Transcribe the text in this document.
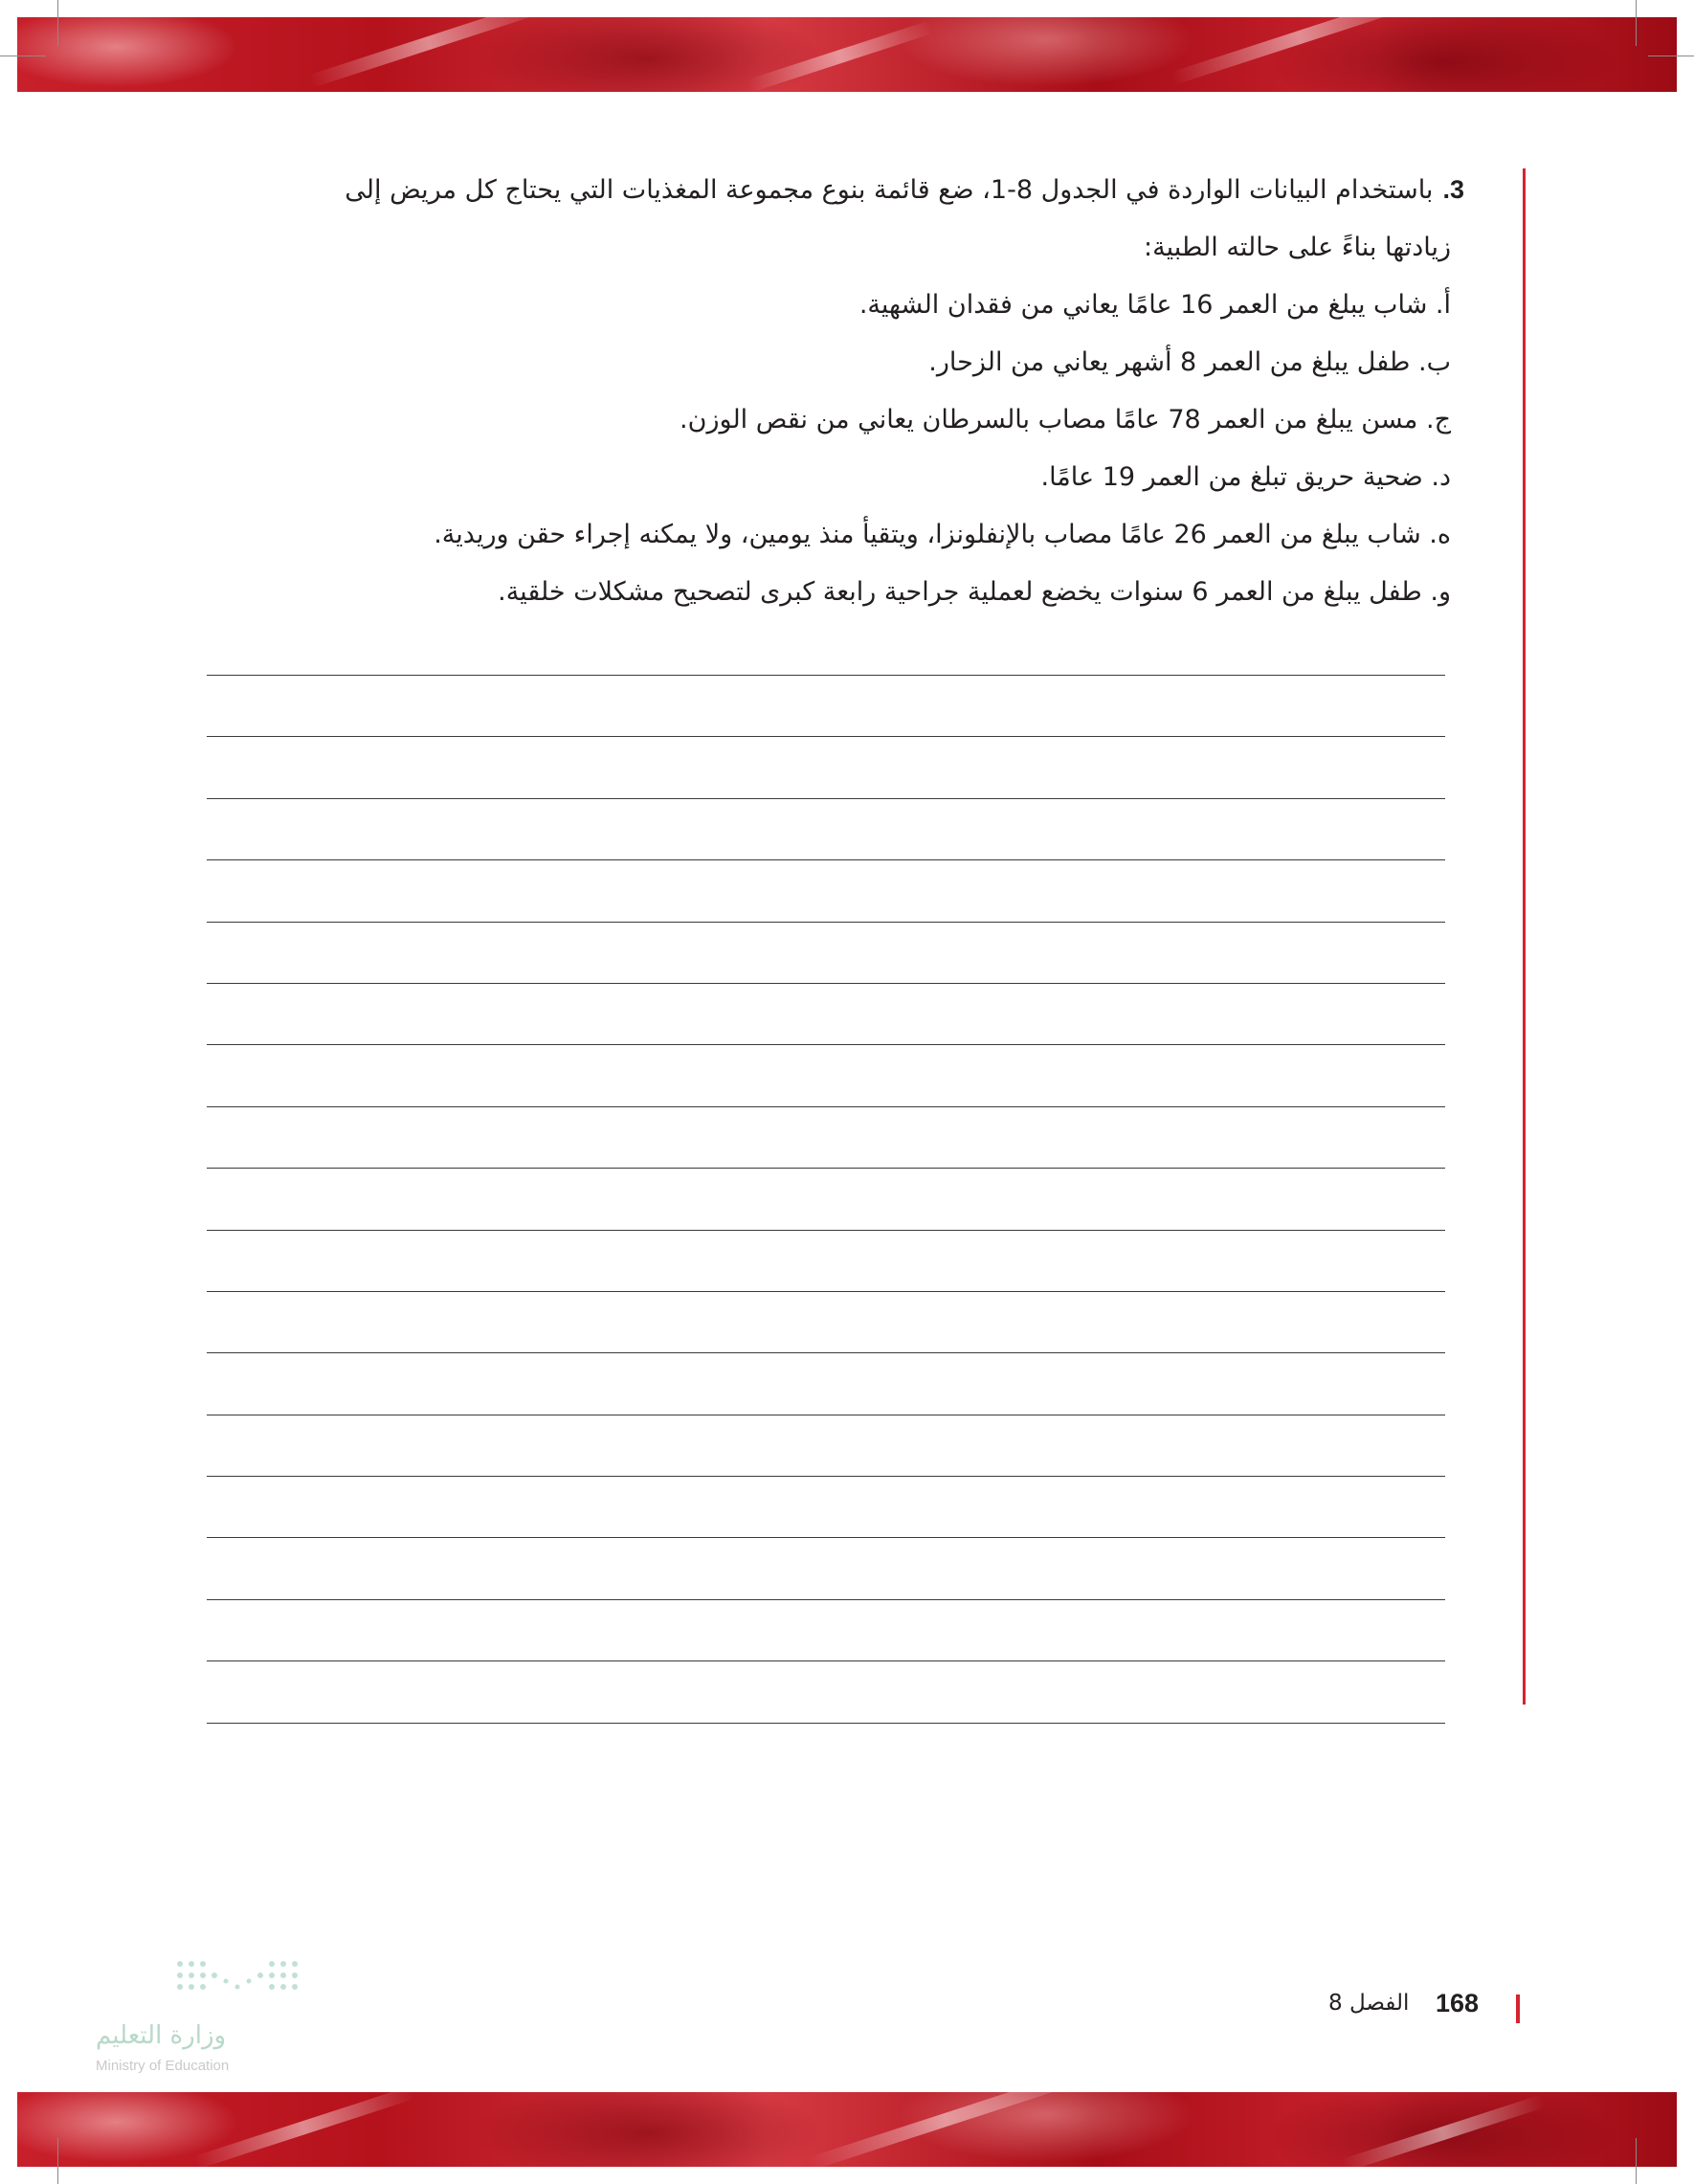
3.باستخدام البيانات الواردة في الجدول 8-1، ضع قائمة بنوع مجموعة المغذيات التي يحتاج كل مريض إلى
زيادتها بناءً على حالته الطبية:
أ. شاب يبلغ من العمر 16 عامًا يعاني من فقدان الشهية.
ب. طفل يبلغ من العمر 8 أشهر يعاني من الزحار.
ج. مسن يبلغ من العمر 78 عامًا مصاب بالسرطان يعاني من نقص الوزن.
د. ضحية حريق تبلغ من العمر 19 عامًا.
ه. شاب يبلغ من العمر 26 عامًا مصاب بالإنفلونزا، ويتقيأ منذ يومين، ولا يمكنه إجراء حقن وريدية.
و. طفل يبلغ من العمر 6 سنوات يخضع لعملية جراحية رابعة كبرى لتصحيح مشكلات خلقية.
168
الفصل 8
وزارة التعليم
Ministry of Education
